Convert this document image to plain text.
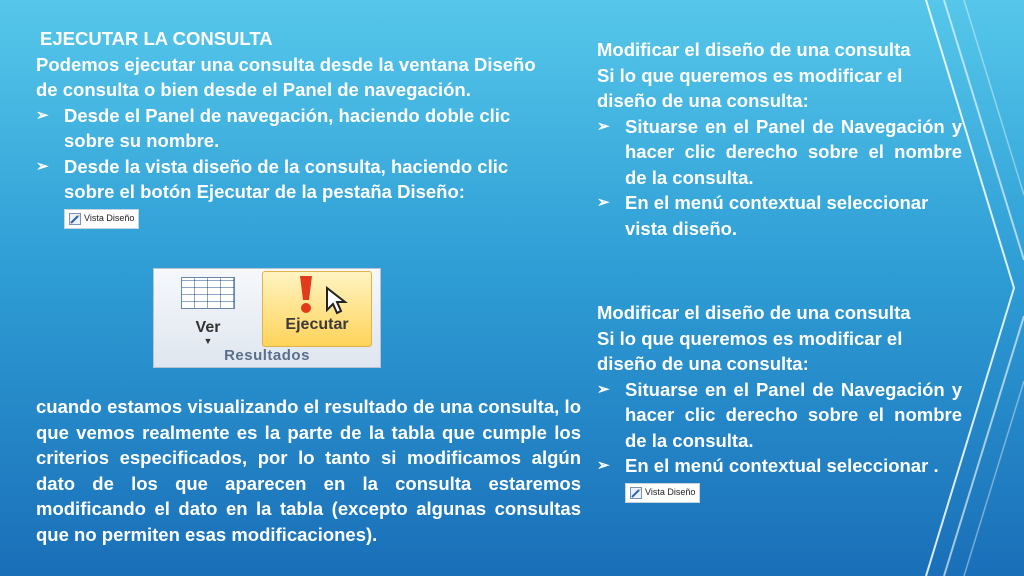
EJECUTAR LA CONSULTA
Podemos ejecutar una consulta desde la ventana Diseño de consulta o bien desde el Panel de navegación.
➢ Desde el Panel de navegación, haciendo doble clic sobre su nombre.
➢ Desde la vista diseño de la consulta, haciendo clic sobre el botón Ejecutar de la pestaña Diseño:
Vista Diseño
Ver
▼
Ejecutar
Resultados
cuando estamos visualizando el resultado de una consulta, lo que vemos realmente es la parte de la tabla que cumple los criterios especificados, por lo tanto si modificamos algún dato de los que aparecen en la consulta estaremos modificando el dato en la tabla (excepto algunas consultas que no permiten esas modificaciones).
Modificar el diseño de una consulta
Si lo que queremos es modificar el diseño de una consulta:
➢ Situarse en el Panel de Navegación y hacer clic derecho sobre el nombre de la consulta.
➢ En el menú contextual seleccionar vista diseño.
Modificar el diseño de una consulta
Si lo que queremos es modificar el diseño de una consulta:
➢ Situarse en el Panel de Navegación y hacer clic derecho sobre el nombre de la consulta.
➢ En el menú contextual seleccionar .
Vista Diseño
